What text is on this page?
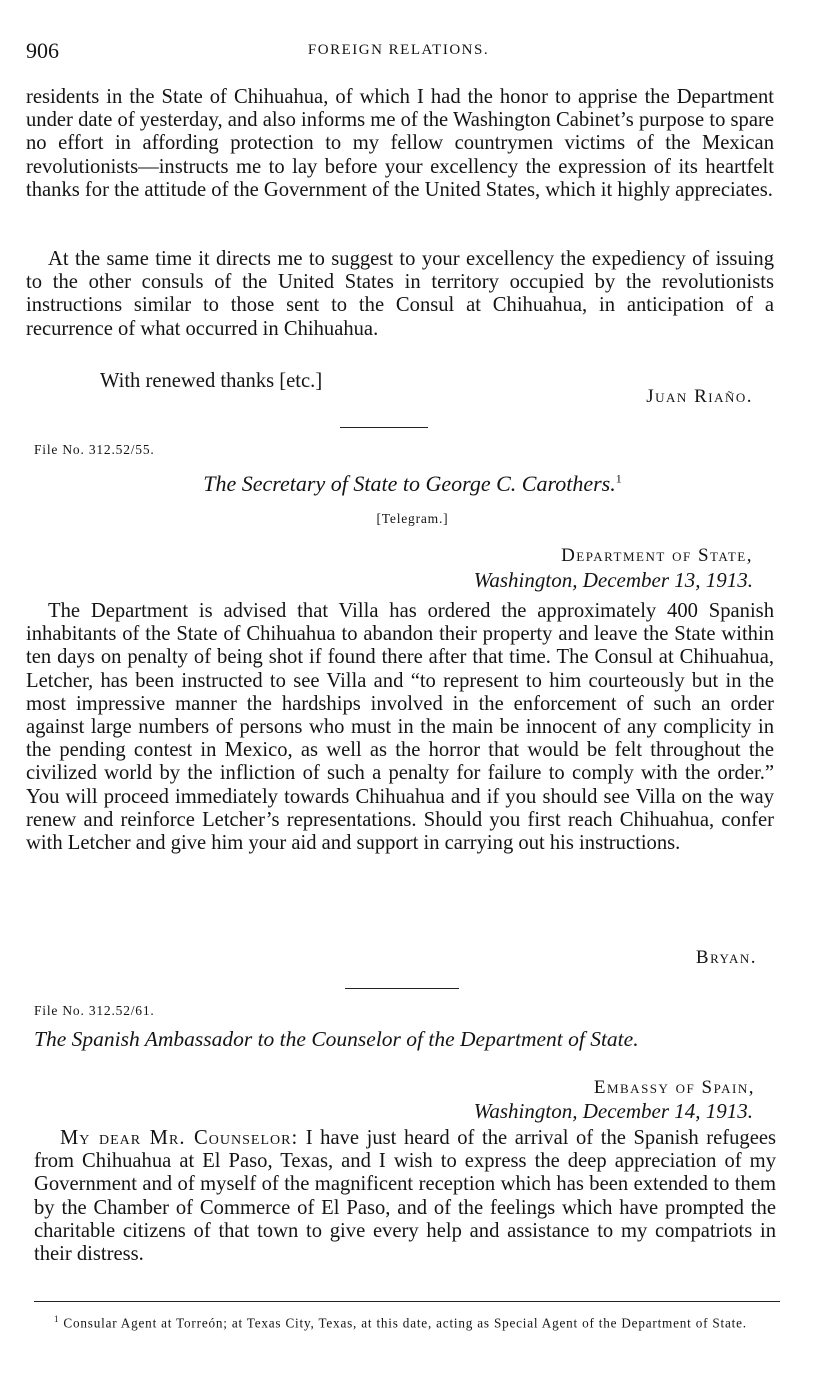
906	FOREIGN RELATIONS.

residents in the State of Chihuahua, of which I had the honor to apprise the Department under date of yesterday, and also informs me of the Washington Cabinet’s purpose to spare no effort in affording protection to my fellow countrymen victims of the Mexican revolutionists—instructs me to lay before your excellency the expression of its heartfelt thanks for the attitude of the Government of the United States, which it highly appreciates.

At the same time it directs me to suggest to your excellency the expediency of issuing to the other consuls of the United States in territory occupied by the revolutionists instructions similar to those sent to the Consul at Chihuahua, in anticipation of a recurrence of what occurred in Chihuahua.

With renewed thanks [etc.]

Juan Riaño.

File No. 312.52/55.

The Secretary of State to George C. Carothers.$^1$

[Telegram.]

Department of State,

Washington, December 13, 1913.

The Department is advised that Villa has ordered the approximately 400 Spanish inhabitants of the State of Chihuahua to abandon their property and leave the State within ten days on penalty of being shot if found there after that time. The Consul at Chihuahua, Letcher, has been instructed to see Villa and “to represent to him courteously but in the most impressive manner the hardships involved in the enforcement of such an order against large numbers of persons who must in the main be innocent of any complicity in the pending contest in Mexico, as well as the horror that would be felt throughout the civilized world by the infliction of such a penalty for failure to comply with the order.” You will proceed immediately towards Chihuahua and if you should see Villa on the way renew and reinforce Letcher’s representations. Should you first reach Chihuahua, confer with Letcher and give him your aid and support in carrying out his instructions.

Bryan.

File No. 312.52/61.

The Spanish Ambassador to the Counselor of the Department of State.

Embassy of Spain,

Washington, December 14, 1913.

My dear Mr. Counselor: I have just heard of the arrival of the Spanish refugees from Chihuahua at El Paso, Texas, and I wish to express the deep appreciation of my Government and of myself of the magnificent reception which has been extended to them by the Chamber of Commerce of El Paso, and of the feelings which have prompted the charitable citizens of that town to give every help and assistance to my compatriots in their distress.

$^1$ Consular Agent at Torreón; at Texas City, Texas, at this date, acting as Special Agent of the Department of State.
